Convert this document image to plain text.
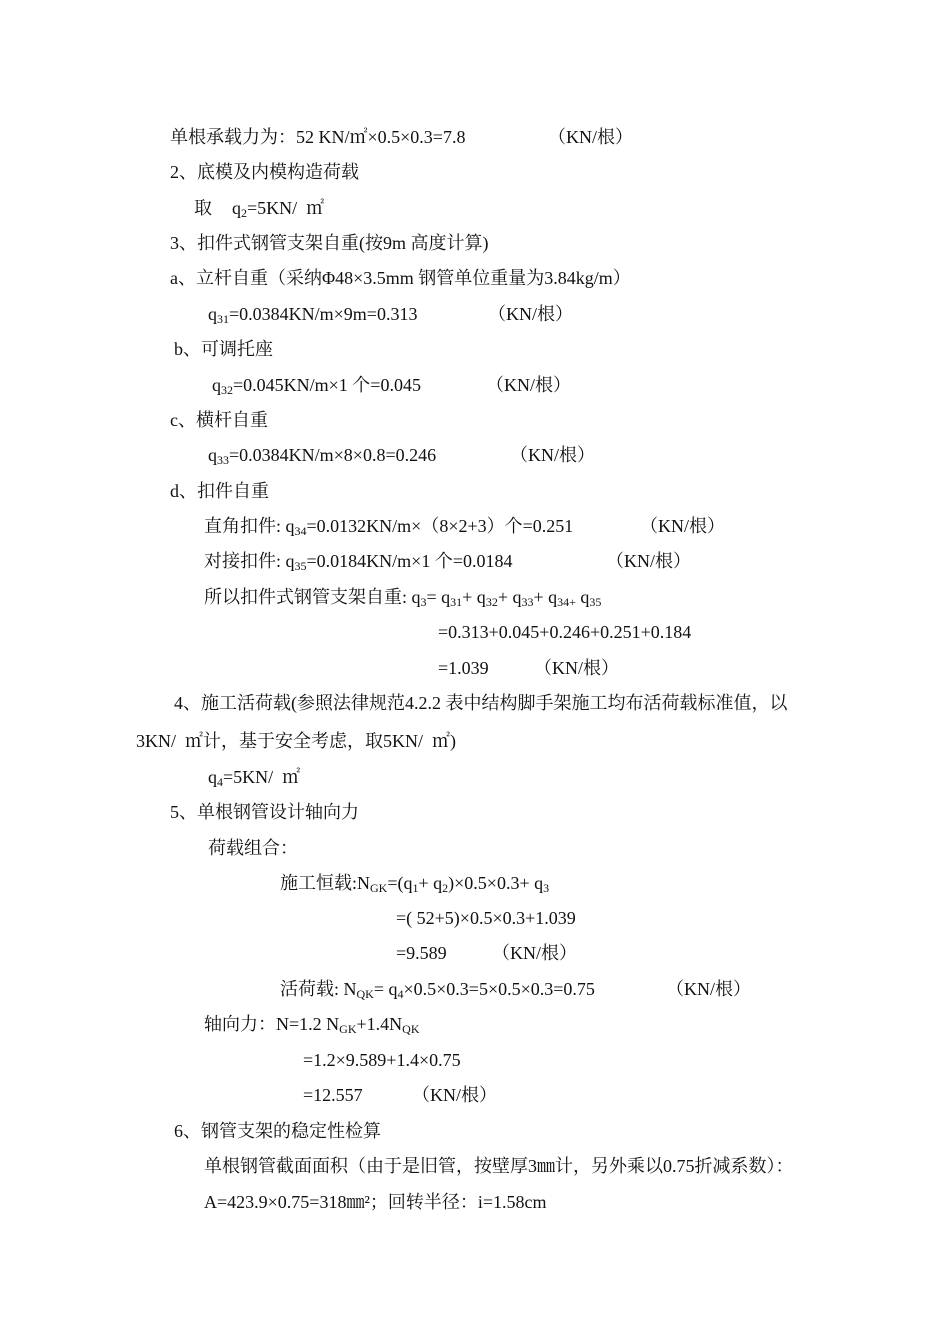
单根承载力为：52 KN/㎡×0.5×0.3=7.8	（KN/根）
2、底模及内模构造荷载
取 $q_2=5KN/$  ㎡
3、扣件式钢管支架自重(按9m 高度计算)
a、立杆自重（采纳Φ48×3.5mm 钢管单位重量为3.84kg/m）
$q_{31}=0.0384KN/m\times 9m=0.313$	（KN/根）
b、可调托座
$q_{32}=0.045KN/m\times 1$ 个=0.045	（KN/根）
c、横杆自重
$q_{33}=0.0384KN/m\times 8\times 0.8=0.246$	（KN/根）
d、扣件自重
直角扣件: $q_{34}=0.0132KN/m\times(8\times 2+3)$个=0.251	（KN/根）
对接扣件: $q_{35}=0.0184KN/m\times 1$ 个=0.0184	（KN/根）
所以扣件式钢管支架自重: $q_3= q_{31}+ q_{32}+ q_{33}+ q_{34+}$ $q_{35}$
=0.313+0.045+0.246+0.251+0.184
=1.039	（KN/根）
4、施工活荷载(参照法律规范4.2.2 表中结构脚手架施工均布活荷载标准值，以
3KN/  ㎡计，基于安全考虑，取5KN/  ㎡)
$q_4=5KN/$  ㎡
5、单根钢管设计轴向力
荷载组合：
施工恒载$:N_{GK}=(q_1+ q_2)\times 0.5\times 0.3+ q_3$
=( 52+5)×0.5×0.3+1.039
=9.589	（KN/根）
活荷载: $N_{QK}= q_4\times 0.5\times 0.3=5\times 0.5\times 0.3=0.75$	（KN/根）
轴向力：N=1.2 $N_{GK}+1.4N_{QK}$
=1.2×9.589+1.4×0.75
=12.557	（KN/根）
6、钢管支架的稳定性检算
单根钢管截面面积（由于是旧管，按壁厚3㎜计，另外乘以0.75折减系数）：
A=423.9×0.75=318㎜²；回转半径：i=1.58cm
